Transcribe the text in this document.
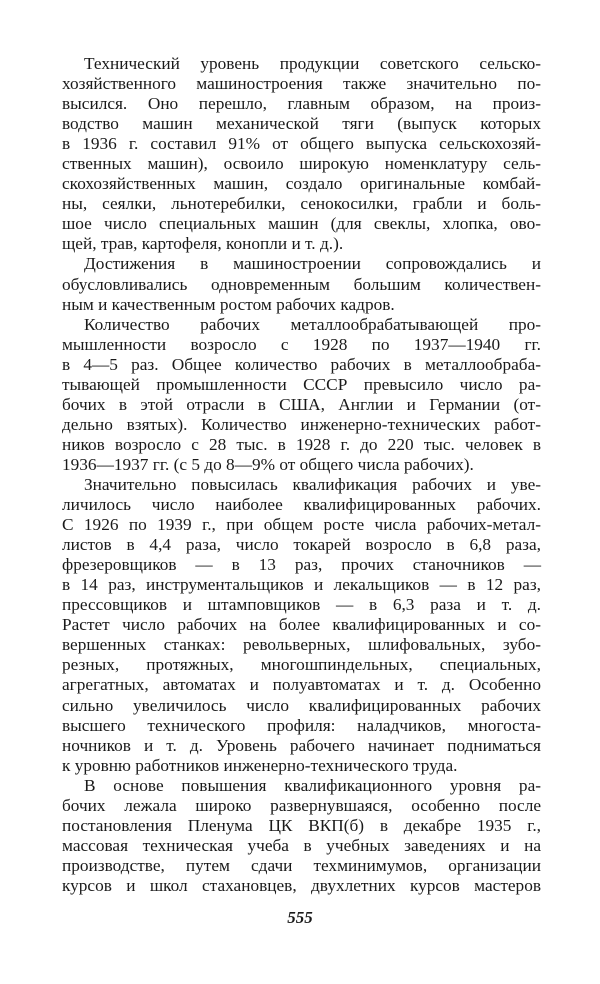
Технический уровень продукции советского сельско-
хозяйственного машиностроения также значительно по-
высился. Оно перешло, главным образом, на произ-
водство машин механической тяги (выпуск которых
в 1936 г. составил 91% от общего выпуска сельскохозяй-
ственных машин), освоило широкую номенклатуру сель-
скохозяйственных машин, создало оригинальные комбай-
ны, сеялки, льнотеребилки, сенокосилки, грабли и боль-
шое число специальных машин (для свеклы, хлопка, ово-
щей, трав, картофеля, конопли и т. д.).
Достижения в машиностроении сопровождались и
обусловливались одновременным большим количествен-
ным и качественным ростом рабочих кадров.
Количество рабочих металлообрабатывающей про-
мышленности возросло с 1928 по 1937—1940 гг.
в 4—5 раз. Общее количество рабочих в металлообраба-
тывающей промышленности СССР превысило число ра-
бочих в этой отрасли в США, Англии и Германии (от-
дельно взятых). Количество инженерно-технических работ-
ников возросло с 28 тыс. в 1928 г. до 220 тыс. человек в
1936—1937 гг. (с 5 до 8—9% от общего числа рабочих).
Значительно повысилась квалификация рабочих и уве-
личилось число наиболее квалифицированных рабочих.
С 1926 по 1939 г., при общем росте числа рабочих-метал-
листов в 4,4 раза, число токарей возросло в 6,8 раза,
фрезеровщиков — в 13 раз, прочих станочников —
в 14 раз, инструментальщиков и лекальщиков — в 12 раз,
прессовщиков и штамповщиков — в 6,3 раза и т. д.
Растет число рабочих на более квалифицированных и со-
вершенных станках: револьверных, шлифовальных, зубо-
резных, протяжных, многошпиндельных, специальных,
агрегатных, автоматах и полуавтоматах и т. д. Особенно
сильно увеличилось число квалифицированных рабочих
высшего технического профиля: наладчиков, многоста-
ночников и т. д. Уровень рабочего начинает подниматься
к уровню работников инженерно-технического труда.
В основе повышения квалификационного уровня ра-
бочих лежала широко развернувшаяся, особенно после
постановления Пленума ЦК ВКП(б) в декабре 1935 г.,
массовая техническая учеба в учебных заведениях и на
производстве, путем сдачи техминимумов, организации
курсов и школ стахановцев, двухлетних курсов мастеров
555
